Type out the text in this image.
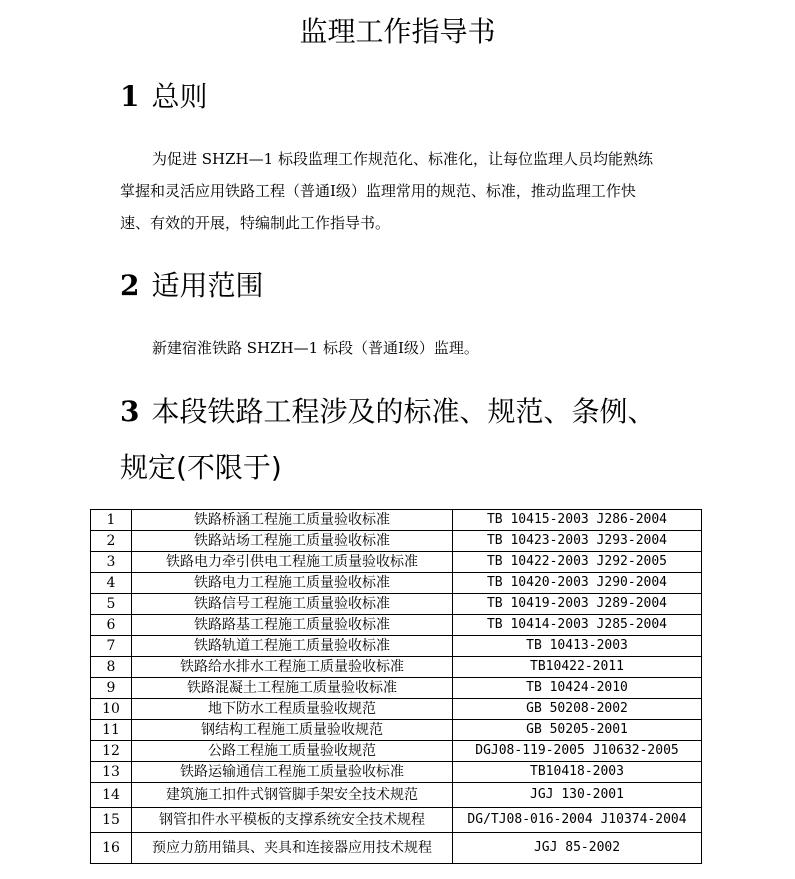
监理工作指导书
1 总则
为促进 SHZH—1 标段监理工作规范化、标准化，让每位监理人员均能熟练
掌握和灵活应用铁路工程（普通Ⅰ级）监理常用的规范、标准，推动监理工作快
速、有效的开展，特编制此工作指导书。
2 适用范围
新建宿淮铁路 SHZH—1 标段（普通Ⅰ级）监理。
3 本段铁路工程涉及的标准、规范、条例、
规定(不限于)
1	铁路桥涵工程施工质量验收标准	TB 10415-2003 J286-2004
2	铁路站场工程施工质量验收标准	TB 10423-2003 J293-2004
3	铁路电力牵引供电工程施工质量验收标准	TB 10422-2003 J292-2005
4	铁路电力工程施工质量验收标准	TB 10420-2003 J290-2004
5	铁路信号工程施工质量验收标准	TB 10419-2003 J289-2004
6	铁路路基工程施工质量验收标准	TB 10414-2003 J285-2004
7	铁路轨道工程施工质量验收标准	TB 10413-2003
8	铁路给水排水工程施工质量验收标准	TB10422-2011
9	铁路混凝土工程施工质量验收标准	TB 10424-2010
10	地下防水工程质量验收规范	GB 50208-2002
11	钢结构工程施工质量验收规范	GB 50205-2001
12	公路工程施工质量验收规范	DGJ08-119-2005 J10632-2005
13	铁路运输通信工程施工质量验收标准	TB10418-2003
14	建筑施工扣件式钢管脚手架安全技术规范	JGJ 130-2001
15	钢管扣件水平模板的支撑系统安全技术规程	DG/TJ08-016-2004 J10374-2004
16	预应力筋用锚具、夹具和连接器应用技术规程	JGJ 85-2002
